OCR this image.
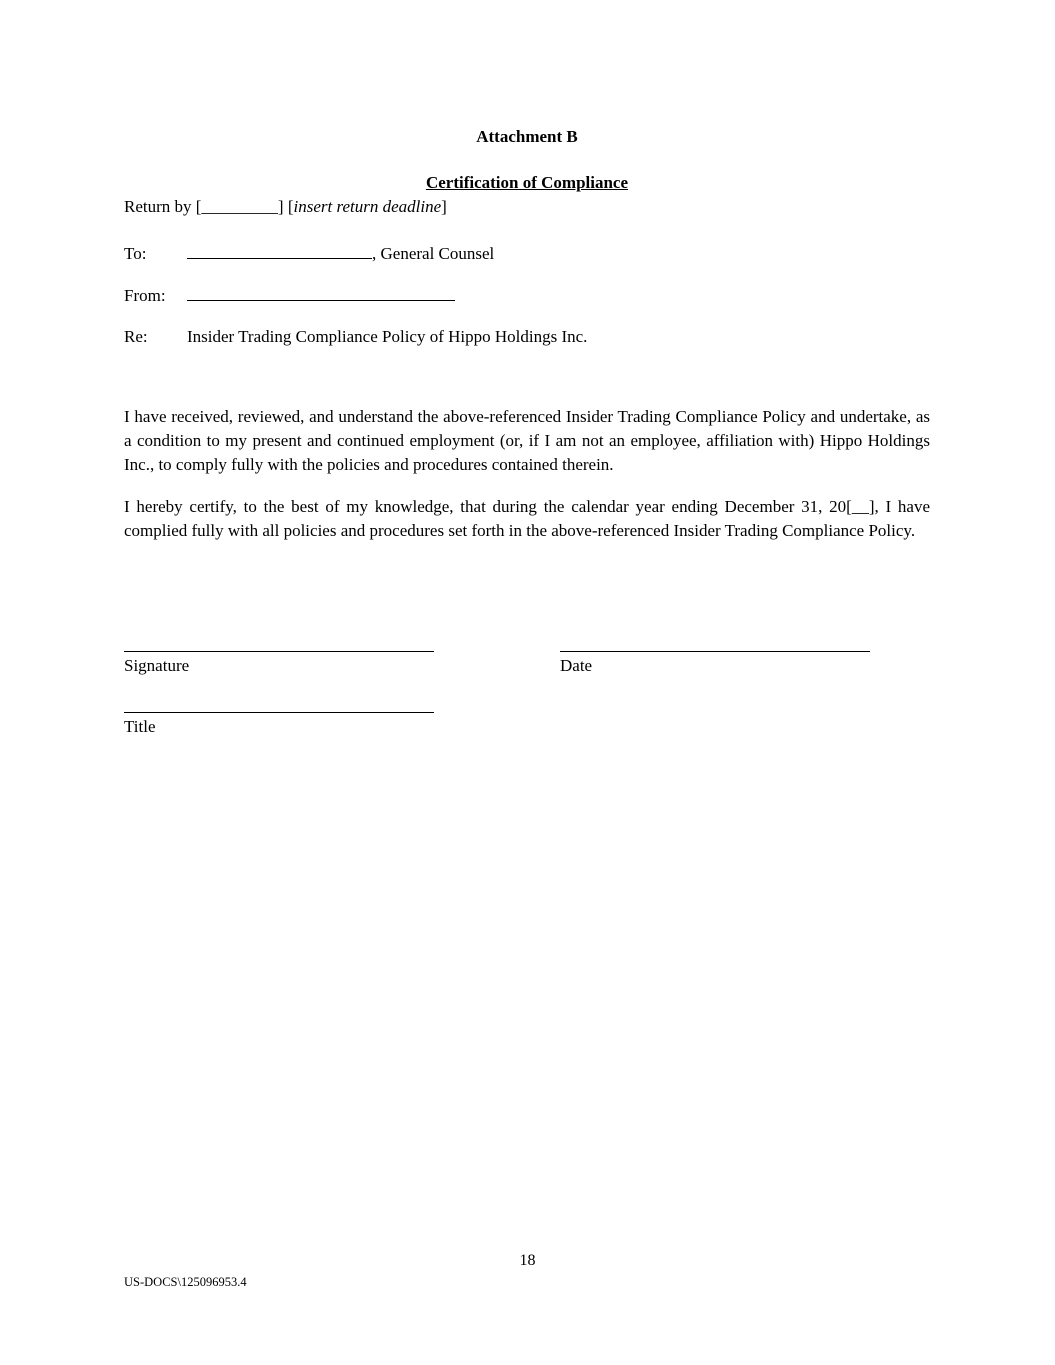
Attachment B

Certification of Compliance

Return by [_________] [insert return deadline]

To:	, General Counsel

From:

Re: Insider Trading Compliance Policy of Hippo Holdings Inc.

I have received, reviewed, and understand the above-referenced Insider Trading Compliance Policy and undertake, as a condition to my present and continued employment (or, if I am not an employee, affiliation with) Hippo Holdings Inc., to comply fully with the policies and procedures contained therein.

I hereby certify, to the best of my knowledge, that during the calendar year ending December 31, 20[__], I have complied fully with all policies and procedures set forth in the above-referenced Insider Trading Compliance Policy.

Signature	Date
Title
18
US-DOCS\125096953.4
